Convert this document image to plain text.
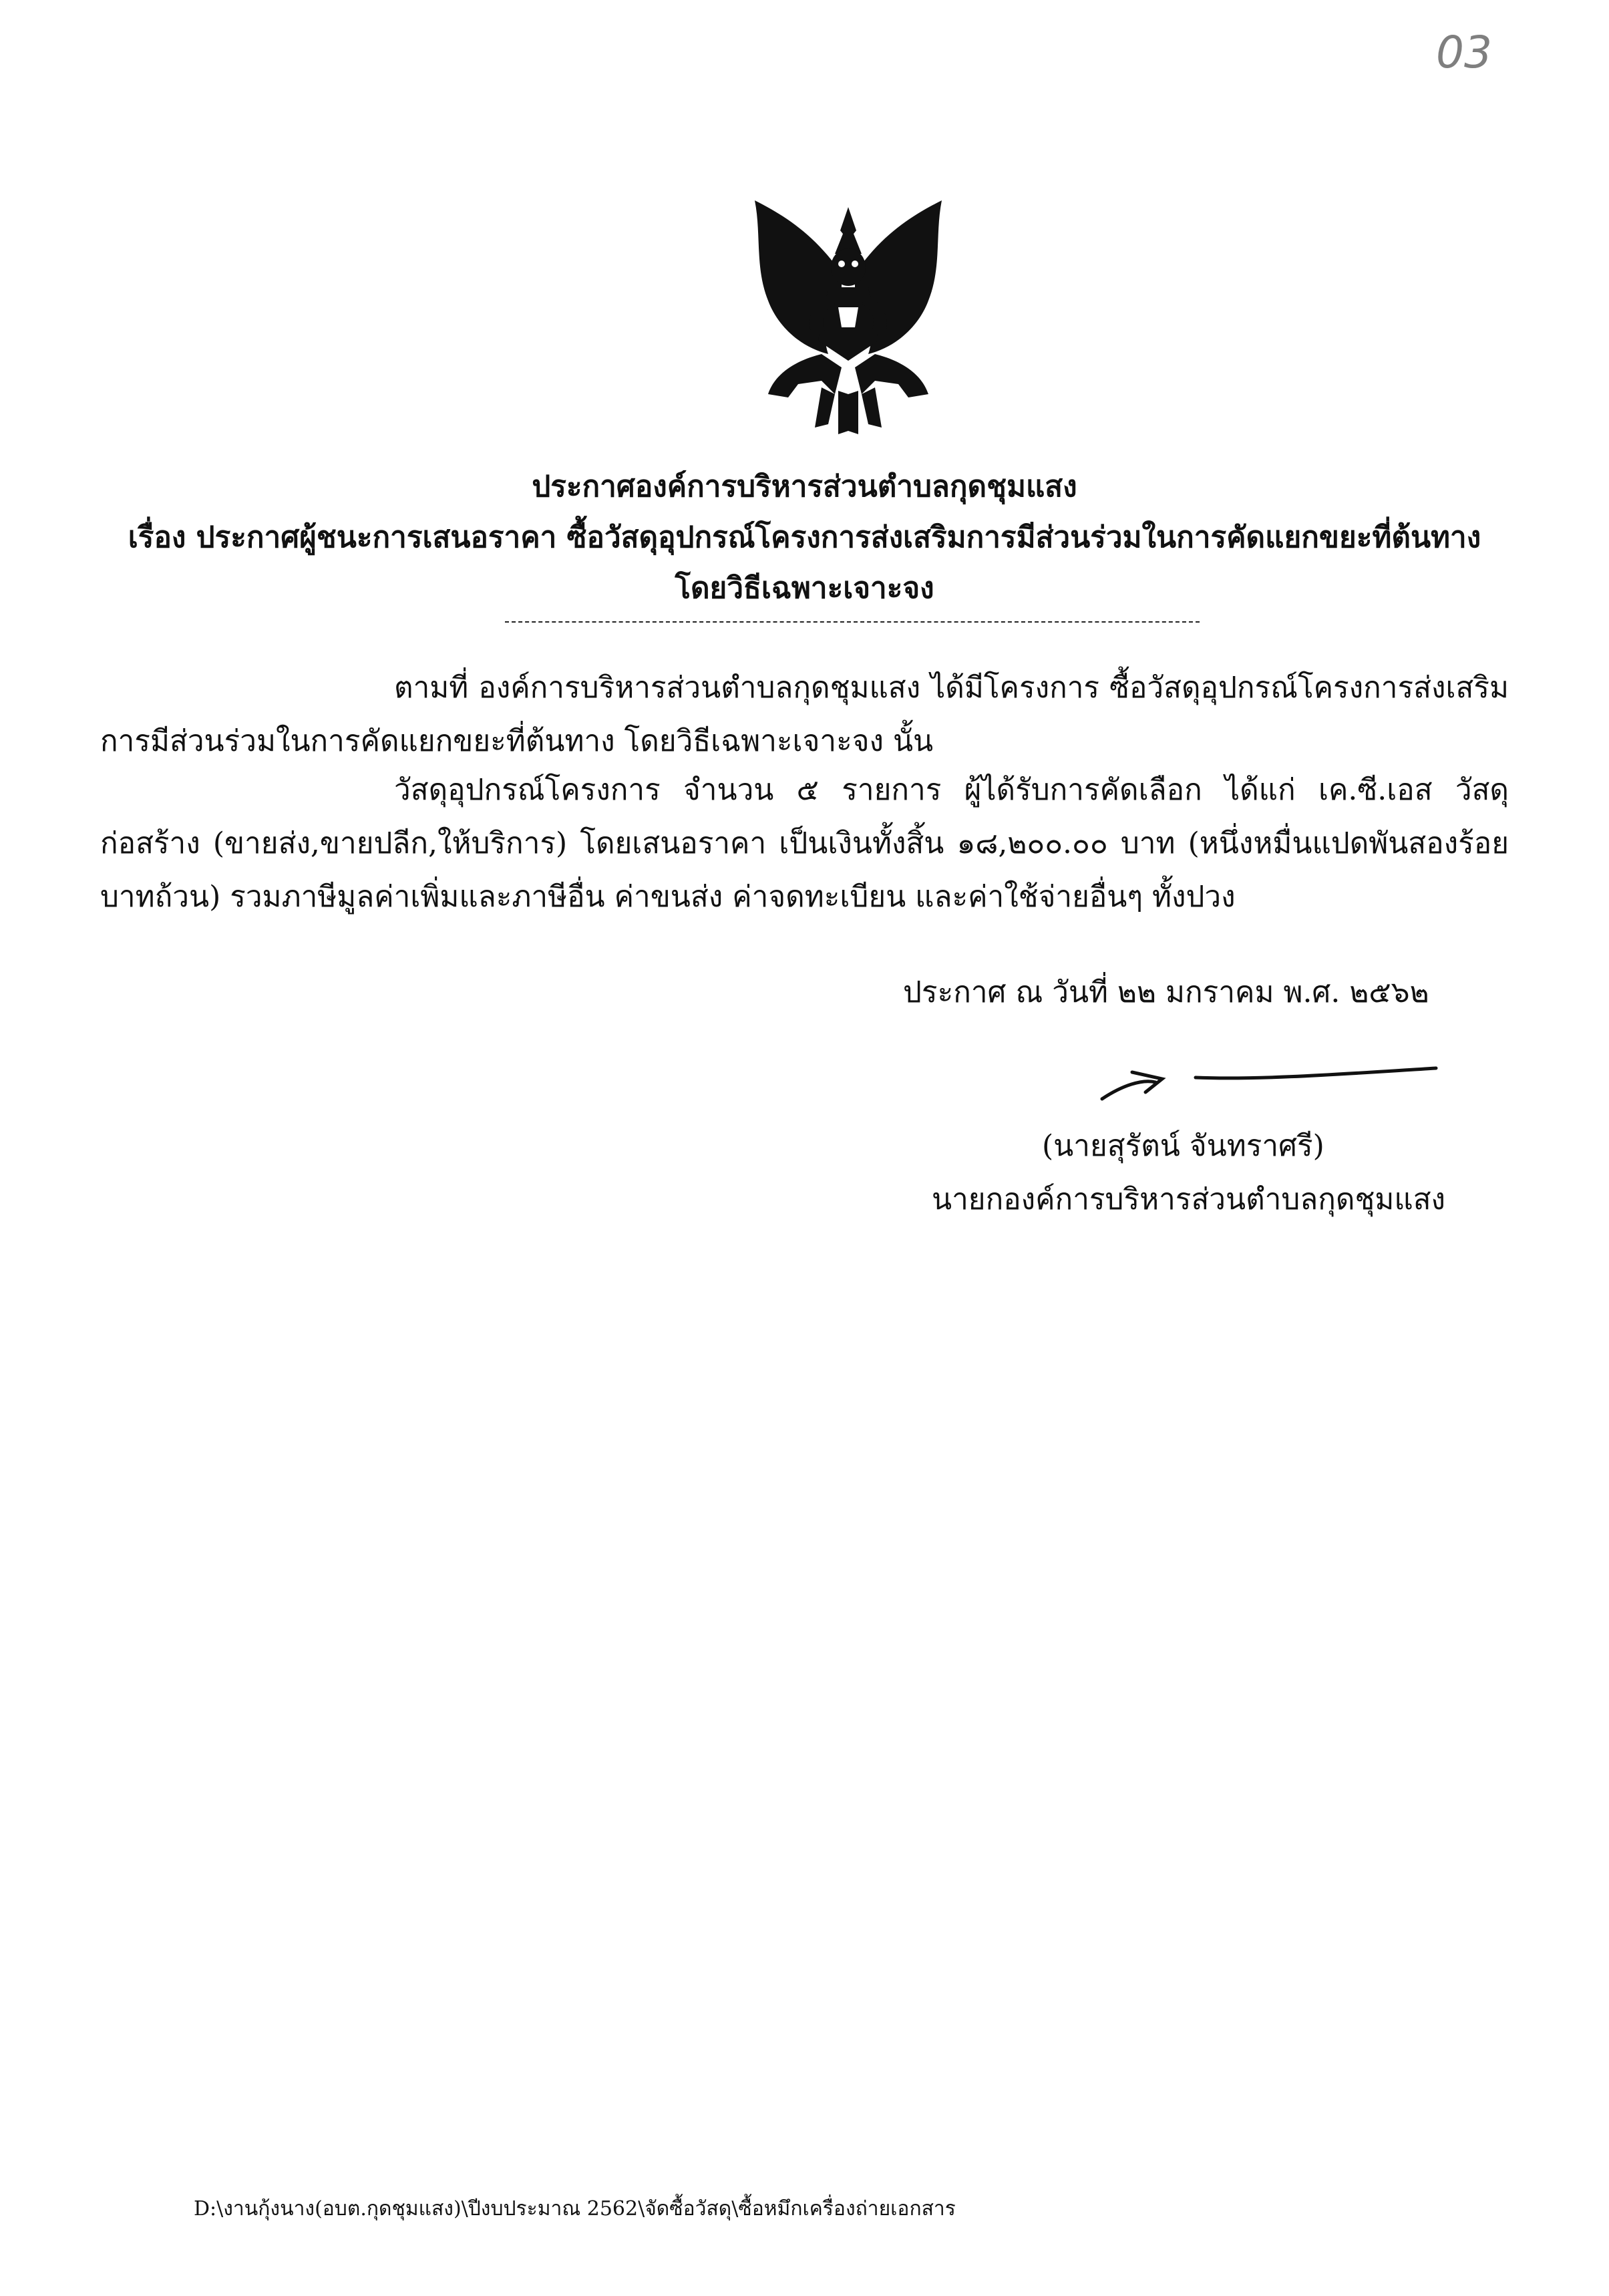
03
ประกาศองค์การบริหารส่วนตำบลกุดชุมแสง
เรื่อง ประกาศผู้ชนะการเสนอราคา ซื้อวัสดุอุปกรณ์โครงการส่งเสริมการมีส่วนร่วมในการคัดแยกขยะที่ต้นทาง
โดยวิธีเฉพาะเจาะจง
ตามที่ องค์การบริหารส่วนตำบลกุดชุมแสง ได้มีโครงการ ซื้อวัสดุอุปกรณ์โครงการส่งเสริมการมีส่วนร่วมในการคัดแยกขยะที่ต้นทาง โดยวิธีเฉพาะเจาะจง นั้น
วัสดุอุปกรณ์โครงการ จำนวน ๕ รายการ ผู้ได้รับการคัดเลือก ได้แก่ เค.ซี.เอส วัสดุก่อสร้าง (ขายส่ง,ขายปลีก,ให้บริการ) โดยเสนอราคา เป็นเงินทั้งสิ้น ๑๘,๒๐๐.๐๐ บาท (หนึ่งหมื่นแปดพันสองร้อยบาทถ้วน) รวมภาษีมูลค่าเพิ่มและภาษีอื่น ค่าขนส่ง ค่าจดทะเบียน และค่าใช้จ่ายอื่นๆ ทั้งปวง
ประกาศ ณ วันที่ ๒๒ มกราคม พ.ศ. ๒๕๖๒
(นายสุรัตน์ จันทราศรี)
นายกองค์การบริหารส่วนตำบลกุดชุมแสง
D:\งานกุ้งนาง(อบต.กุดชุมแสง)\ปีงบประมาณ 2562\จัดซื้อวัสดุ\ซื้อหมึกเครื่องถ่ายเอกสาร
